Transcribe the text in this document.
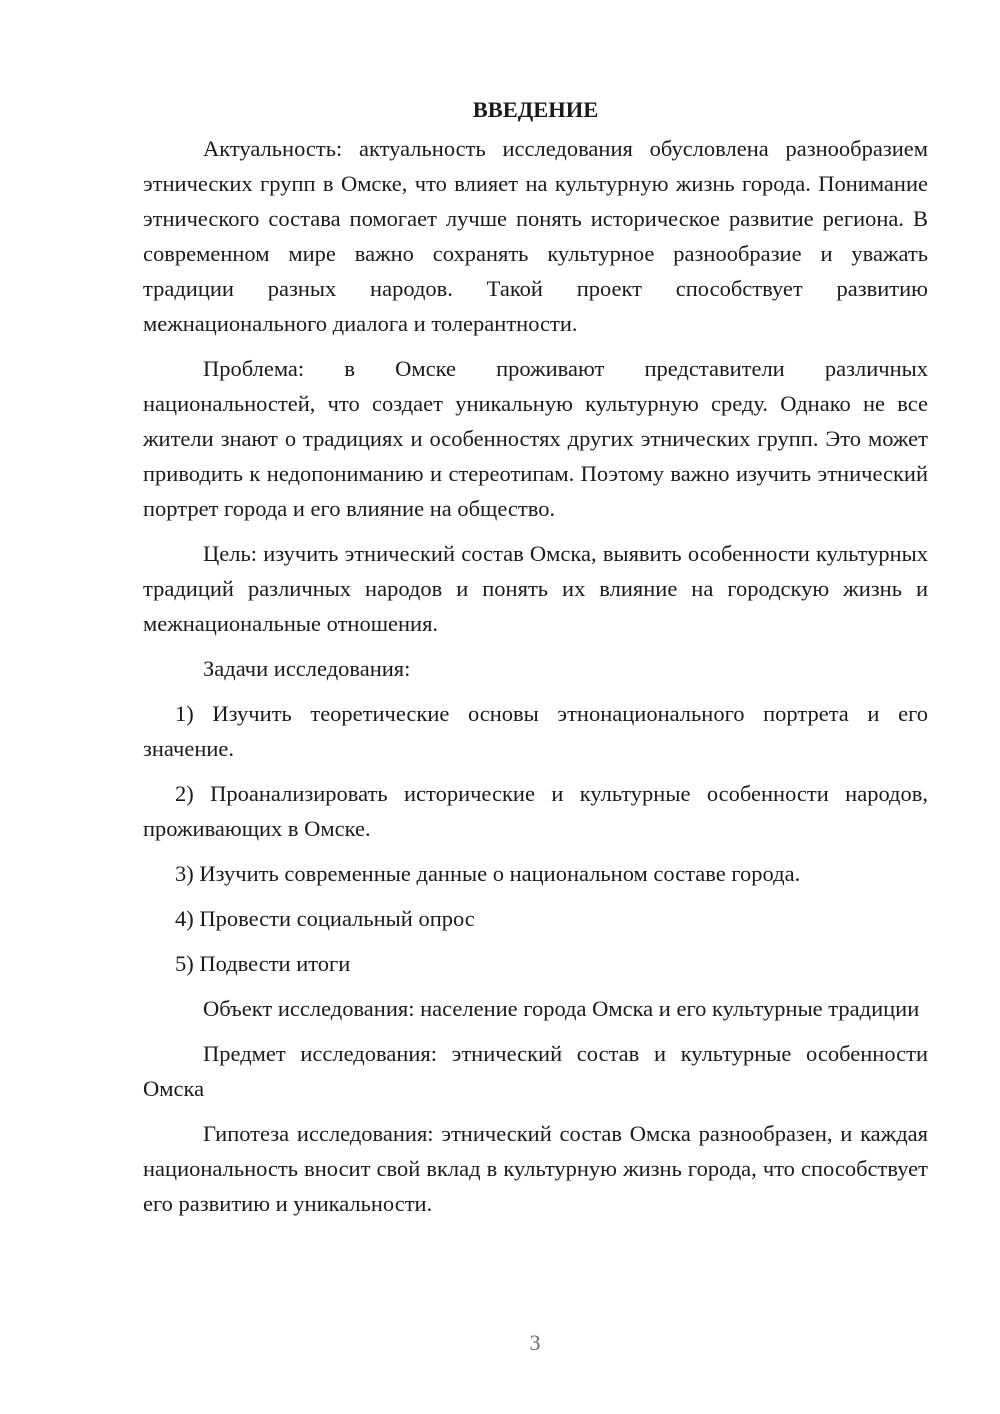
ВВЕДЕНИЕ

Актуальность: актуальность исследования обусловлена разнообразием этнических групп в Омске, что влияет на культурную жизнь города. Понимание этнического состава помогает лучше понять историческое развитие региона. В современном мире важно сохранять культурное разнообразие и уважать традиции разных народов. Такой проект способствует развитию межнационального диалога и толерантности.

Проблема: в Омске проживают представители различных национальностей, что создает уникальную культурную среду. Однако не все жители знают о традициях и особенностях других этнических групп. Это может приводить к недопониманию и стереотипам. Поэтому важно изучить этнический портрет города и его влияние на общество.

Цель: изучить этнический состав Омска, выявить особенности культурных традиций различных народов и понять их влияние на городскую жизнь и межнациональные отношения.

Задачи исследования:

1) Изучить теоретические основы этнонационального портрета и его значение.

2) Проанализировать исторические и культурные особенности народов, проживающих в Омске.

3) Изучить современные данные о национальном составе города.

4) Провести социальный опрос

5) Подвести итоги

Объект исследования: население города Омска и его культурные традиции

Предмет исследования: этнический состав и культурные особенности Омска

Гипотеза исследования: этнический состав Омска разнообразен, и каждая национальность вносит свой вклад в культурную жизнь города, что способствует его развитию и уникальности.

3
